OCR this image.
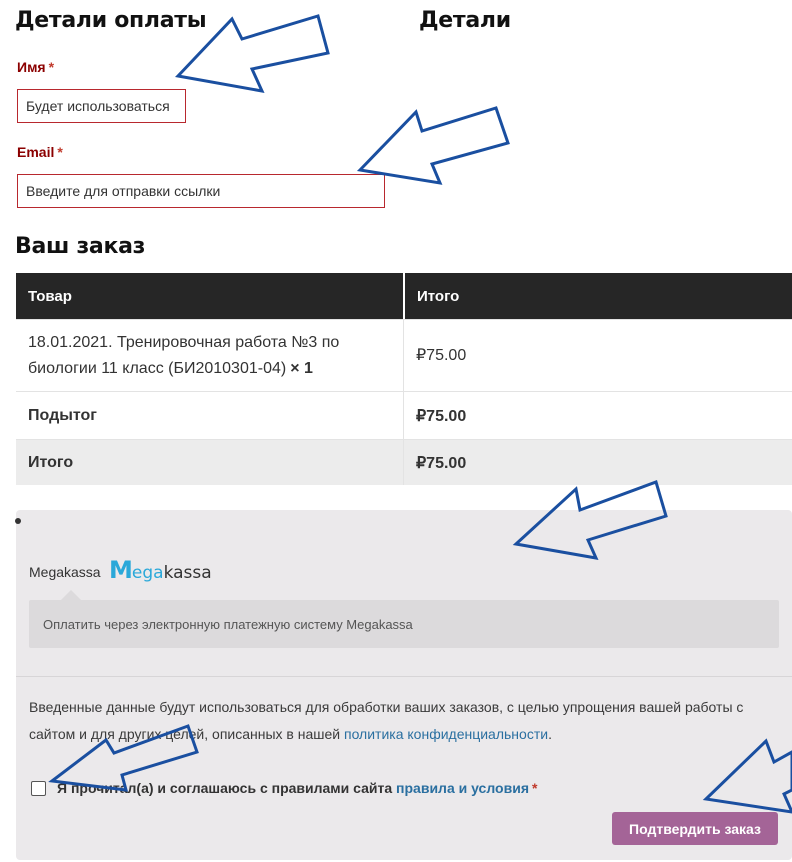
Детали оплаты	Детали
Имя *
Будет использоваться
Email *
Введите для отправки ссылки
Ваш заказ
Товар	Итого
18.01.2021. Тренировочная работа №3 по биологии 11 класс (БИ2010301-04) × 1	₽75.00
Подытог	₽75.00
Итого	₽75.00
Megakassa Megakassa
Оплатить через электронную платежную систему Megakassa
Введенные данные будут использоваться для обработки ваших заказов, с целью упрощения вашей работы с сайтом и для других целей, описанных в нашей политика конфиденциальности.
Я прочитал(а) и соглашаюсь с правилами сайта правила и условия *
Подтвердить заказ
